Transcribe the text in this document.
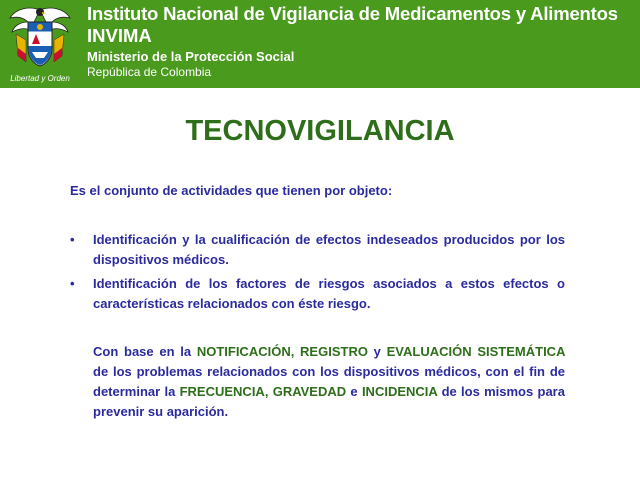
Libertad y Orden
Instituto Nacional de Vigilancia de Medicamentos y Alimentos
INVIMA
Ministerio de la Protección Social
República de Colombia
TECNOVIGILANCIA
Es el conjunto de actividades que tienen por objeto:
• Identificación y la cualificación de efectos indeseados producidos por los dispositivos médicos.
• Identificación de los factores de riesgos asociados a estos efectos o características relacionados con éste riesgo.
Con base en la NOTIFICACIÓN, REGISTRO y EVALUACIÓN SISTEMÁTICA de los problemas relacionados con los dispositivos médicos, con el fin de determinar la FRECUENCIA, GRAVEDAD e INCIDENCIA de los mismos para prevenir su aparición.
